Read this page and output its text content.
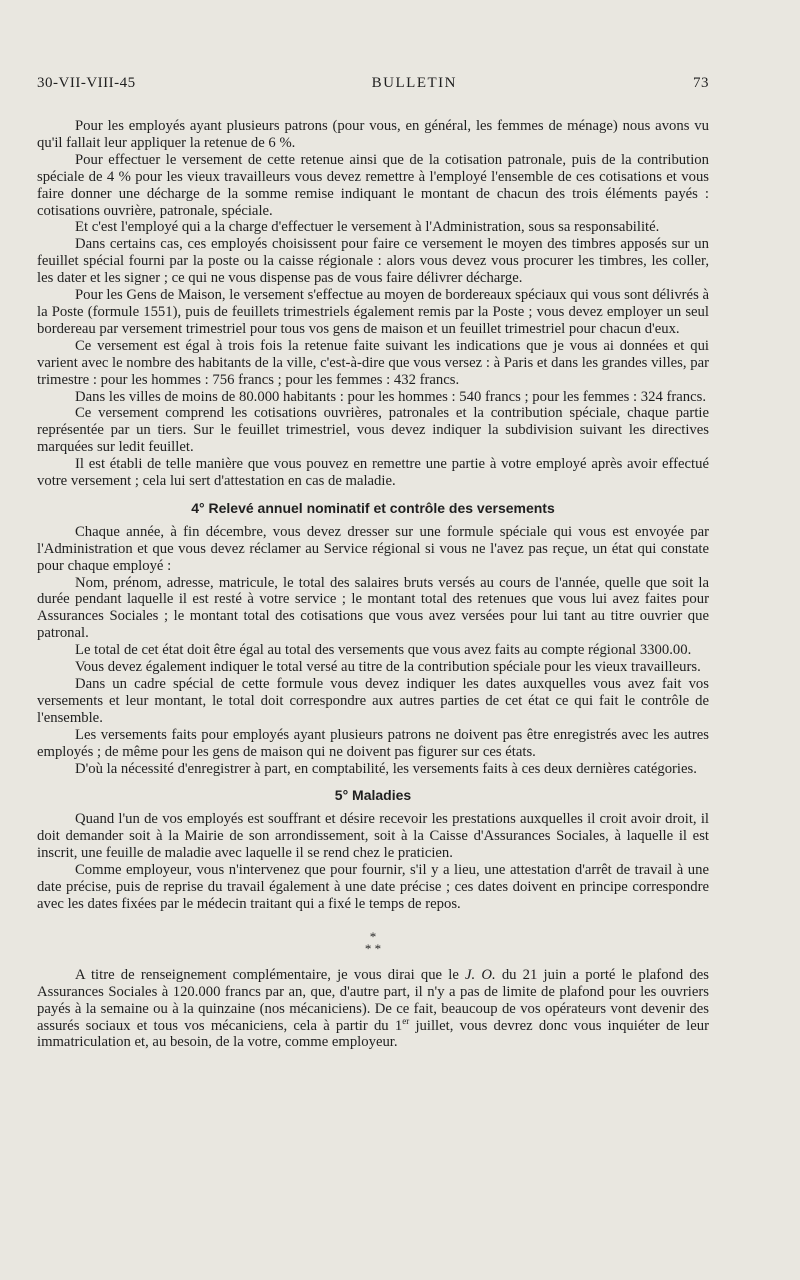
30-VII-VIII-45	BULLETIN	73

Pour les employés ayant plusieurs patrons (pour vous, en général, les femmes de ménage) nous avons vu qu'il fallait leur appliquer la retenue de 6 %.

Pour effectuer le versement de cette retenue ainsi que de la cotisation patronale, puis de la contribution spéciale de 4 % pour les vieux travailleurs vous devez remettre à l'employé l'ensemble de ces cotisations et vous faire donner une décharge de la somme remise indiquant le montant de chacun des trois éléments payés : cotisations ouvrière, patronale, spéciale.

Et c'est l'employé qui a la charge d'effectuer le versement à l'Administration, sous sa responsabilité.

Dans certains cas, ces employés choisissent pour faire ce versement le moyen des timbres apposés sur un feuillet spécial fourni par la poste ou la caisse régionale : alors vous devez vous procurer les timbres, les coller, les dater et les signer ; ce qui ne vous dispense pas de vous faire délivrer décharge.

Pour les Gens de Maison, le versement s'effectue au moyen de bordereaux spéciaux qui vous sont délivrés à la Poste (formule 1551), puis de feuillets trimestriels également remis par la Poste ; vous devez employer un seul bordereau par versement trimestriel pour tous vos gens de maison et un feuillet trimestriel pour chacun d'eux.

Ce versement est égal à trois fois la retenue faite suivant les indications que je vous ai données et qui varient avec le nombre des habitants de la ville, c'est-à-dire que vous versez : à Paris et dans les grandes villes, par trimestre : pour les hommes : 756 francs ; pour les femmes : 432 francs.

Dans les villes de moins de 80.000 habitants : pour les hommes : 540 francs ; pour les femmes : 324 francs.

Ce versement comprend les cotisations ouvrières, patronales et la contribution spéciale, chaque partie représentée par un tiers. Sur le feuillet trimestriel, vous devez indiquer la subdivision suivant les directives marquées sur ledit feuillet.

Il est établi de telle manière que vous pouvez en remettre une partie à votre employé après avoir effectué votre versement ; cela lui sert d'attestation en cas de maladie.

4° Relevé annuel nominatif et contrôle des versements

Chaque année, à fin décembre, vous devez dresser sur une formule spéciale qui vous est envoyée par l'Administration et que vous devez réclamer au Service régional si vous ne l'avez pas reçue, un état qui constate pour chaque employé :

Nom, prénom, adresse, matricule, le total des salaires bruts versés au cours de l'année, quelle que soit la durée pendant laquelle il est resté à votre service ; le montant total des retenues que vous lui avez faites pour Assurances Sociales ; le montant total des cotisations que vous avez versées pour lui tant au titre ouvrier que patronal.

Le total de cet état doit être égal au total des versements que vous avez faits au compte régional 3300.00.

Vous devez également indiquer le total versé au titre de la contribution spéciale pour les vieux travailleurs.

Dans un cadre spécial de cette formule vous devez indiquer les dates auxquelles vous avez fait vos versements et leur montant, le total doit correspondre aux autres parties de cet état ce qui fait le contrôle de l'ensemble.

Les versements faits pour employés ayant plusieurs patrons ne doivent pas être enregistrés avec les autres employés ; de même pour les gens de maison qui ne doivent pas figurer sur ces états.

D'où la nécessité d'enregistrer à part, en comptabilité, les versements faits à ces deux dernières catégories.

5° Maladies

Quand l'un de vos employés est souffrant et désire recevoir les prestations auxquelles il croit avoir droit, il doit demander soit à la Mairie de son arrondissement, soit à la Caisse d'Assurances Sociales, à laquelle il est inscrit, une feuille de maladie avec laquelle il se rend chez le praticien.

Comme employeur, vous n'intervenez que pour fournir, s'il y a lieu, une attestation d'arrêt de travail à une date précise, puis de reprise du travail également à une date précise ; ces dates doivent en principe correspondre avec les dates fixées par le médecin traitant qui a fixé le temps de repos.

*
* *

A titre de renseignement complémentaire, je vous dirai que le J. O. du 21 juin a porté le plafond des Assurances Sociales à 120.000 francs par an, que, d'autre part, il n'y a pas de limite de plafond pour les ouvriers payés à la semaine ou à la quinzaine (nos mécaniciens). De ce fait, beaucoup de vos opérateurs vont devenir des assurés sociaux et tous vos mécaniciens, cela à partir du 1er juillet, vous devrez donc vous inquiéter de leur immatriculation et, au besoin, de la votre, comme employeur.
